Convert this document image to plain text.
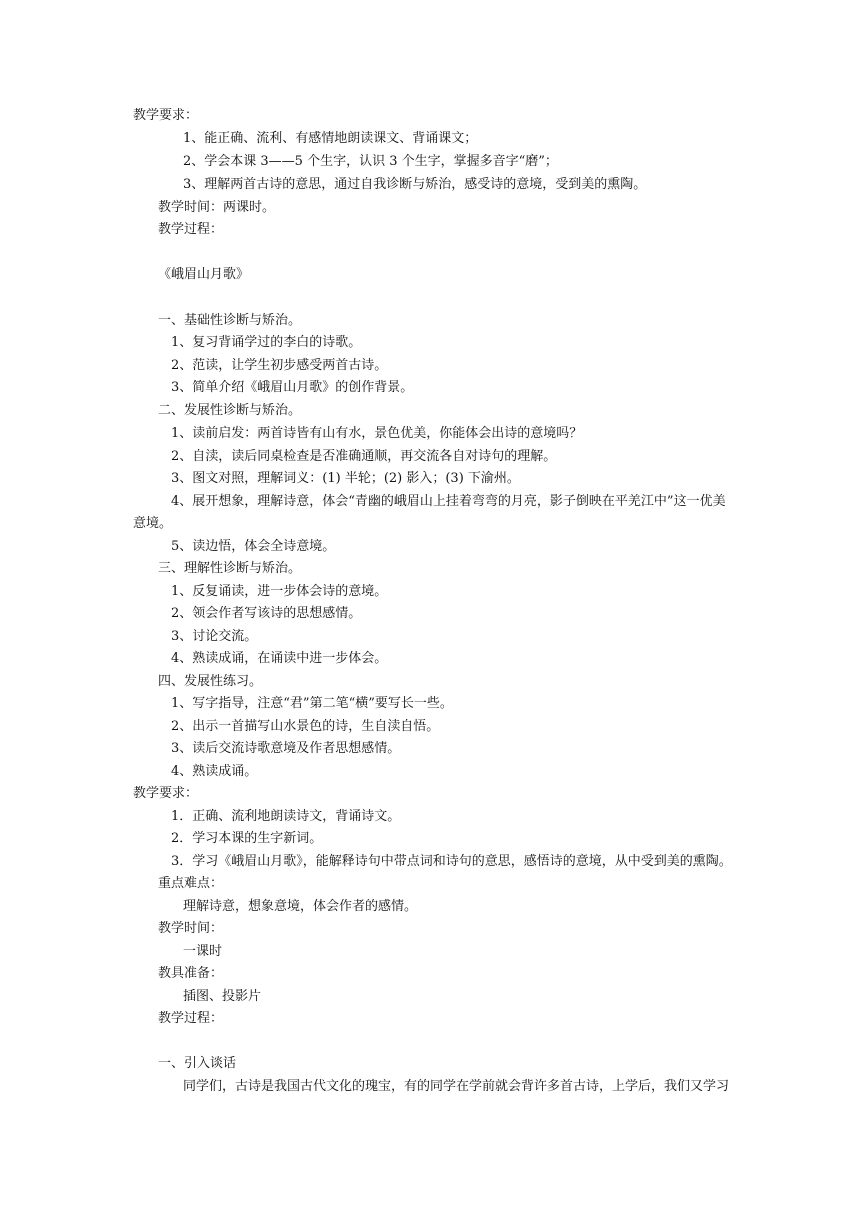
教学要求：
1、能正确、流利、有感情地朗读课文、背诵课文；
2、学会本课 3——5 个生字，认识 3 个生字，掌握多音字“磨”；
3、理解两首古诗的意思，通过自我诊断与矫治，感受诗的意境，受到美的熏陶。
教学时间：两课时。
教学过程：
《峨眉山月歌》
一、基础性诊断与矫治。
1、复习背诵学过的李白的诗歌。
2、范读，让学生初步感受两首古诗。
3、简单介绍《峨眉山月歌》的创作背景。
二、发展性诊断与矫治。
1、读前启发：两首诗皆有山有水，景色优美，你能体会出诗的意境吗？
2、自渎，读后同桌检查是否准确通顺，再交流各自对诗句的理解。
3、图文对照，理解词义：(1) 半轮；(2) 影入；(3) 下渝州。
4、展开想象，理解诗意，体会“青幽的峨眉山上挂着弯弯的月亮，影子倒映在平羌江中”这一优美
意境。
5、读边悟，体会全诗意境。
三、理解性诊断与矫治。
1、反复诵读，进一步体会诗的意境。
2、领会作者写该诗的思想感情。
3、讨论交流。
4、熟读成诵，在诵读中进一步体会。
四、发展性练习。
1、写字指导，注意“君”第二笔“横”要写长一些。
2、出示一首描写山水景色的诗，生自渎自悟。
3、读后交流诗歌意境及作者思想感情。
4、熟读成诵。
教学要求：
1．正确、流利地朗读诗文，背诵诗文。
2．学习本课的生字新词。
3．学习《峨眉山月歌》，能解释诗句中带点词和诗句的意思，感悟诗的意境，从中受到美的熏陶。
重点难点：
理解诗意，想象意境，体会作者的感情。
教学时间：
一课时
教具准备：
插图、投影片
教学过程：
一、引入谈话
同学们，古诗是我国古代文化的瑰宝，有的同学在学前就会背许多首古诗，上学后，我们又学习
